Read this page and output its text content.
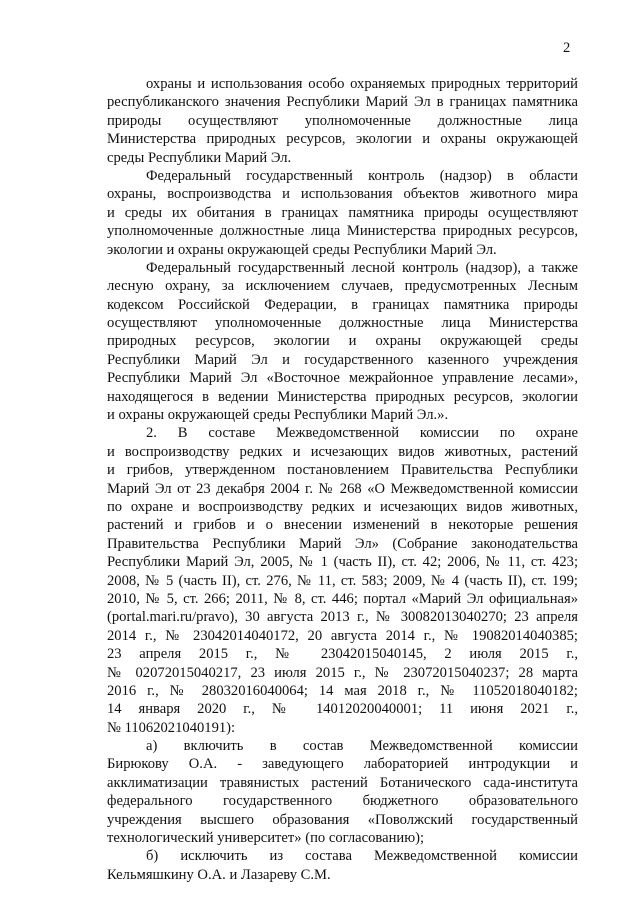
2
охраны и использования особо охраняемых природных территорий
республиканского значения Республики Марий Эл в границах памятника
природы осуществляют уполномоченные должностные лица
Министерства природных ресурсов, экологии и охраны окружающей
среды Республики Марий Эл.
Федеральный государственный контроль (надзор) в области
охраны, воспроизводства и использования объектов животного мира
и среды их обитания в границах памятника природы осуществляют
уполномоченные должностные лица Министерства природных ресурсов,
экологии и охраны окружающей среды Республики Марий Эл.
Федеральный государственный лесной контроль (надзор), а также
лесную охрану, за исключением случаев, предусмотренных Лесным
кодексом Российской Федерации, в границах памятника природы
осуществляют уполномоченные должностные лица Министерства
природных ресурсов, экологии и охраны окружающей среды
Республики Марий Эл и государственного казенного учреждения
Республики Марий Эл «Восточное межрайонное управление лесами»,
находящегося в ведении Министерства природных ресурсов, экологии
и охраны окружающей среды Республики Марий Эл.».
2. В составе Межведомственной комиссии по охране
и воспроизводству редких и исчезающих видов животных, растений
и грибов, утвержденном постановлением Правительства Республики
Марий Эл от 23 декабря 2004 г. № 268 «О Межведомственной комиссии
по охране и воспроизводству редких и исчезающих видов животных,
растений и грибов и о внесении изменений в некоторые решения
Правительства Республики Марий Эл» (Собрание законодательства
Республики Марий Эл, 2005, № 1 (часть II), ст. 42; 2006, № 11, ст. 423;
2008, № 5 (часть II), ст. 276, № 11, ст. 583; 2009, № 4 (часть II), ст. 199;
2010, № 5, ст. 266; 2011, № 8, ст. 446; портал «Марий Эл официальная»
(portal.mari.ru/pravo), 30 августа 2013 г., № 30082013040270; 23 апреля
2014 г., № 23042014040172, 20 августа 2014 г., № 19082014040385;
23 апреля 2015 г., № 23042015040145, 2 июля 2015 г.,
№ 02072015040217, 23 июля 2015 г., № 23072015040237; 28 марта
2016 г., № 28032016040064; 14 мая 2018 г., № 11052018040182;
14 января 2020 г., № 14012020040001; 11 июня 2021 г.,
№ 11062021040191):
а) включить в состав Межведомственной комиссии
Бирюкову О.А. - заведующего лабораторией интродукции и
акклиматизации травянистых растений Ботанического сада-института
федерального государственного бюджетного образовательного
учреждения высшего образования «Поволжский государственный
технологический университет» (по согласованию);
б) исключить из состава Межведомственной комиссии
Кельмяшкину О.А. и Лазареву С.М.
